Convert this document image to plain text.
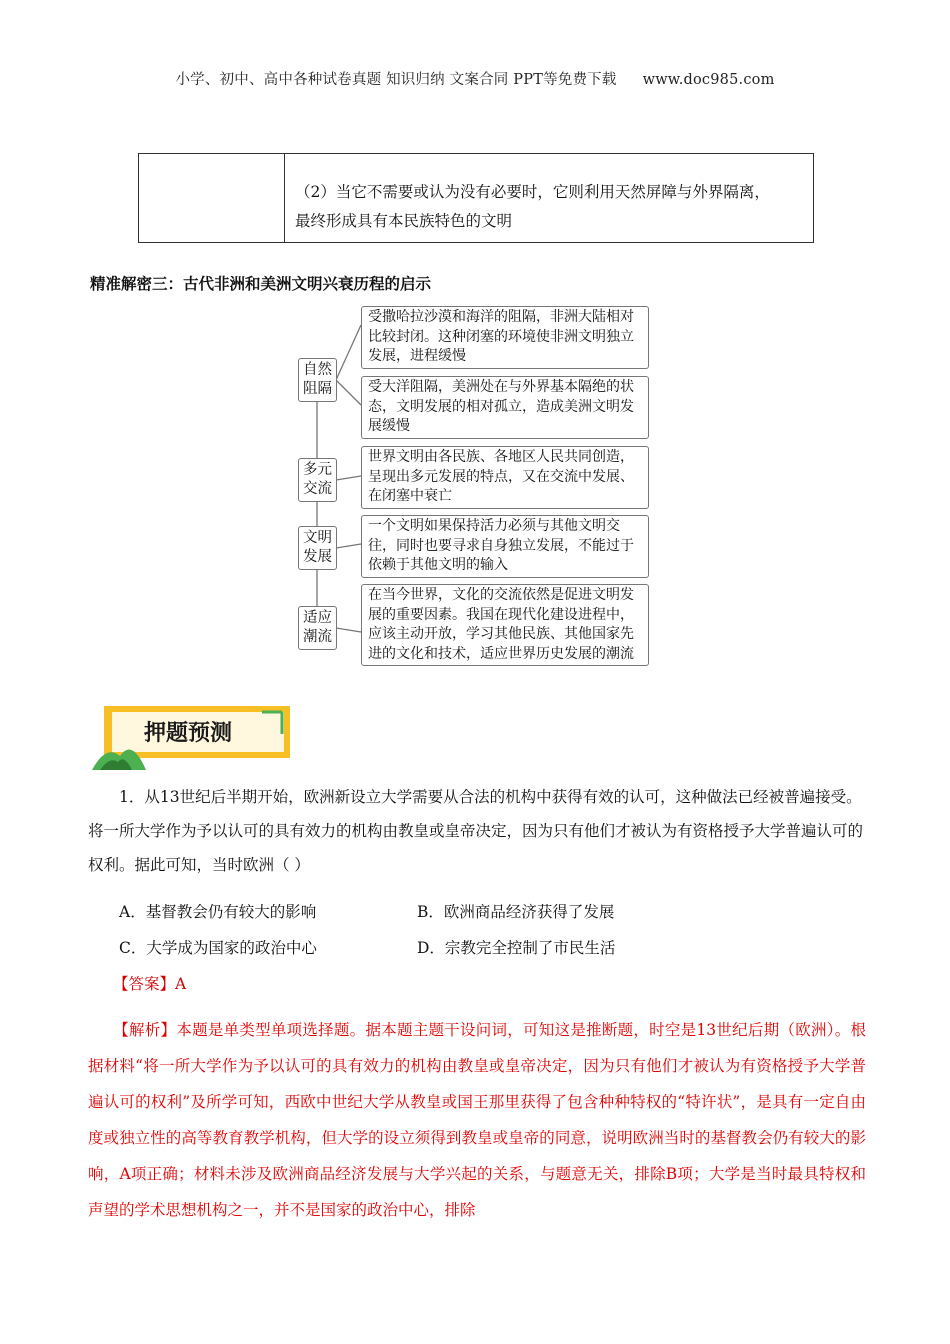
小学、初中、高中各种试卷真题 知识归纳 文案合同 PPT等免费下载 www.doc985.com

（2）当它不需要或认为没有必要时，它则利用天然屏障与外界隔离，
最终形成具有本民族特色的文明
精准解密三：古代非洲和美洲文明兴衰历程的启示
自然
阻隔
多元
交流
文明
发展
适应
潮流
受撒哈拉沙漠和海洋的阻隔，非洲大陆相对比较封闭。这种闭塞的环境使非洲文明独立发展，进程缓慢
受大洋阻隔，美洲处在与外界基本隔绝的状态，文明发展的相对孤立，造成美洲文明发展缓慢
世界文明由各民族、各地区人民共同创造，呈现出多元发展的特点，又在交流中发展、在闭塞中衰亡
一个文明如果保持活力必须与其他文明交往，同时也要寻求自身独立发展，不能过于依赖于其他文明的输入
在当今世界，文化的交流依然是促进文明发展的重要因素。我国在现代化建设进程中，应该主动开放，学习其他民族、其他国家先进的文化和技术，适应世界历史发展的潮流
押题预测
1．从13世纪后半期开始，欧洲新设立大学需要从合法的机构中获得有效的认可，这种做法已经被普遍接受。将一所大学作为予以认可的具有效力的机构由教皇或皇帝决定，因为只有他们才被认为有资格授予大学普遍认可的权利。据此可知，当时欧洲（ ）
A．基督教会仍有较大的影响	B．欧洲商品经济获得了发展
C．大学成为国家的政治中心	D．宗教完全控制了市民生活
【答案】A
【解析】本题是单类型单项选择题。据本题主题干设问词，可知这是推断题，时空是13世纪后期（欧洲）。根据材料“将一所大学作为予以认可的具有效力的机构由教皇或皇帝决定，因为只有他们才被认为有资格授予大学普遍认可的权利”及所学可知，西欧中世纪大学从教皇或国王那里获得了包含种种特权的“特许状”，是具有一定自由度或独立性的高等教育教学机构，但大学的设立须得到教皇或皇帝的同意，说明欧洲当时的基督教会仍有较大的影响，A项正确；材料未涉及欧洲商品经济发展与大学兴起的关系，与题意无关，排除B项；大学是当时最具特权和声望的学术思想机构之一，并不是国家的政治中心，排除
